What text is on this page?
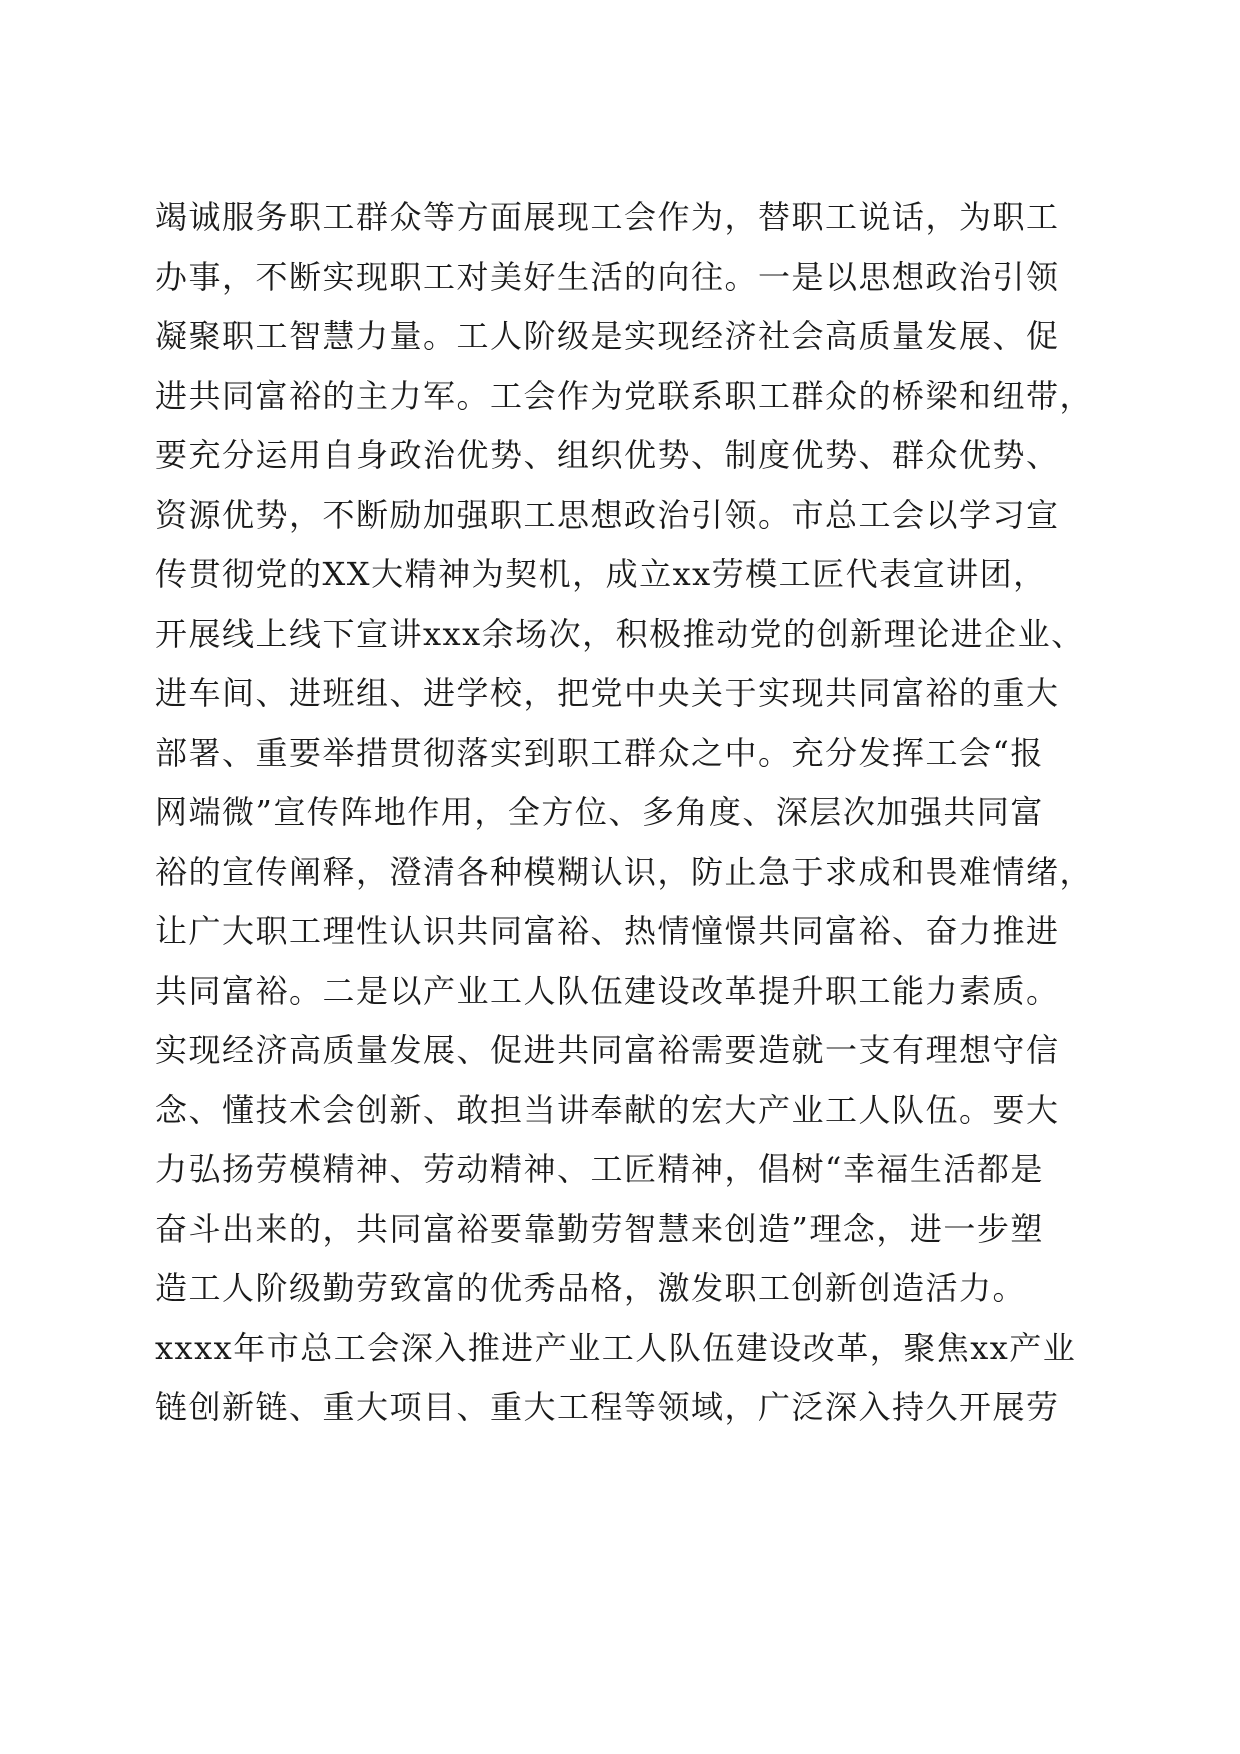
竭诚服务职工群众等方面展现工会作为，替职工说话，为职工
办事，不断实现职工对美好生活的向往。一是以思想政治引领
凝聚职工智慧力量。工人阶级是实现经济社会高质量发展、促
进共同富裕的主力军。工会作为党联系职工群众的桥梁和纽带，
要充分运用自身政治优势、组织优势、制度优势、群众优势、
资源优势，不断励加强职工思想政治引领。市总工会以学习宣
传贯彻党的XX大精神为契机，成立xx劳模工匠代表宣讲团，
开展线上线下宣讲xxx余场次，积极推动党的创新理论进企业、
进车间、进班组、进学校，把党中央关于实现共同富裕的重大
部署、重要举措贯彻落实到职工群众之中。充分发挥工会“报
网端微”宣传阵地作用，全方位、多角度、深层次加强共同富
裕的宣传阐释，澄清各种模糊认识，防止急于求成和畏难情绪，
让广大职工理性认识共同富裕、热情憧憬共同富裕、奋力推进
共同富裕。二是以产业工人队伍建设改革提升职工能力素质。
实现经济高质量发展、促进共同富裕需要造就一支有理想守信
念、懂技术会创新、敢担当讲奉献的宏大产业工人队伍。要大
力弘扬劳模精神、劳动精神、工匠精神，倡树“幸福生活都是
奋斗出来的，共同富裕要靠勤劳智慧来创造”理念，进一步塑
造工人阶级勤劳致富的优秀品格，激发职工创新创造活力。
xxxx年市总工会深入推进产业工人队伍建设改革，聚焦xx产业
链创新链、重大项目、重大工程等领域，广泛深入持久开展劳
